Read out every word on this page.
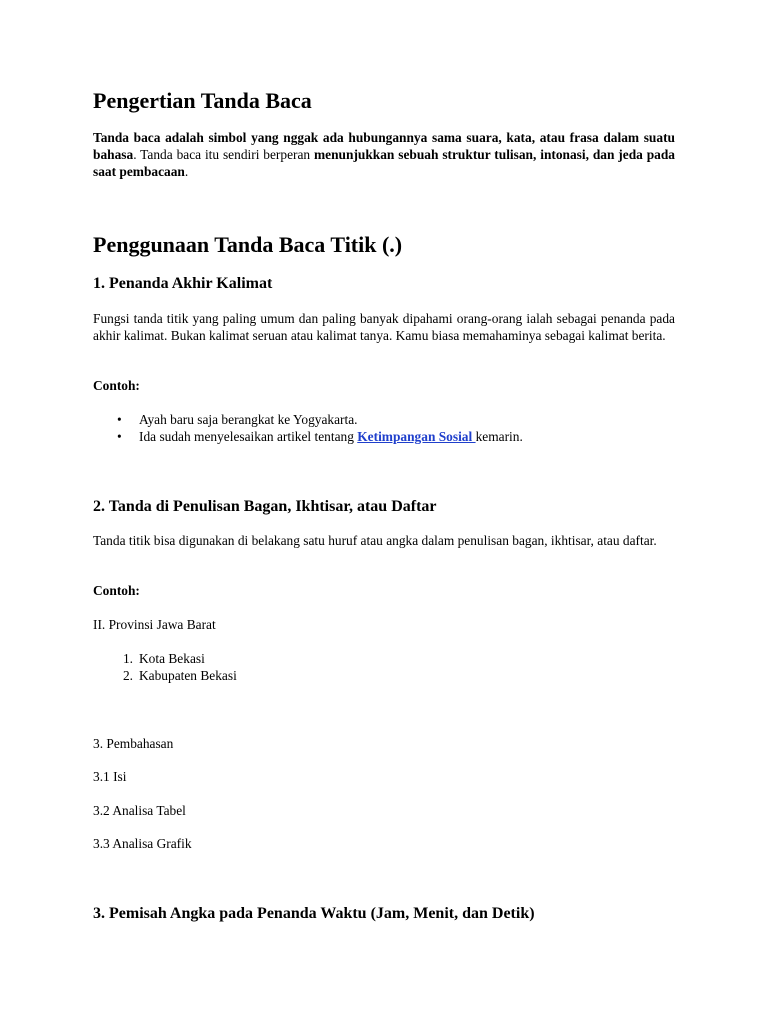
Pengertian Tanda Baca

Tanda baca adalah simbol yang nggak ada hubungannya sama suara, kata, atau frasa dalam suatu bahasa. Tanda baca itu sendiri berperan menunjukkan sebuah struktur tulisan, intonasi, dan jeda pada saat pembacaan.

Penggunaan Tanda Baca Titik (.)
1. Penanda Akhir Kalimat

Fungsi tanda titik yang paling umum dan paling banyak dipahami orang-orang ialah sebagai penanda pada akhir kalimat. Bukan kalimat seruan atau kalimat tanya. Kamu biasa memahaminya sebagai kalimat berita.

Contoh:

• Ayah baru saja berangkat ke Yogyakarta.
• Ida sudah menyelesaikan artikel tentang Ketimpangan Sosial kemarin.
2. Tanda di Penulisan Bagan, Ikhtisar, atau Daftar

Tanda titik bisa digunakan di belakang satu huruf atau angka dalam penulisan bagan, ikhtisar, atau daftar.

Contoh:

II. Provinsi Jawa Barat

1. Kota Bekasi
2. Kabupaten Bekasi

3. Pembahasan

3.1 Isi

3.2 Analisa Tabel

3.3 Analisa Grafik

3. Pemisah Angka pada Penanda Waktu (Jam, Menit, dan Detik)
